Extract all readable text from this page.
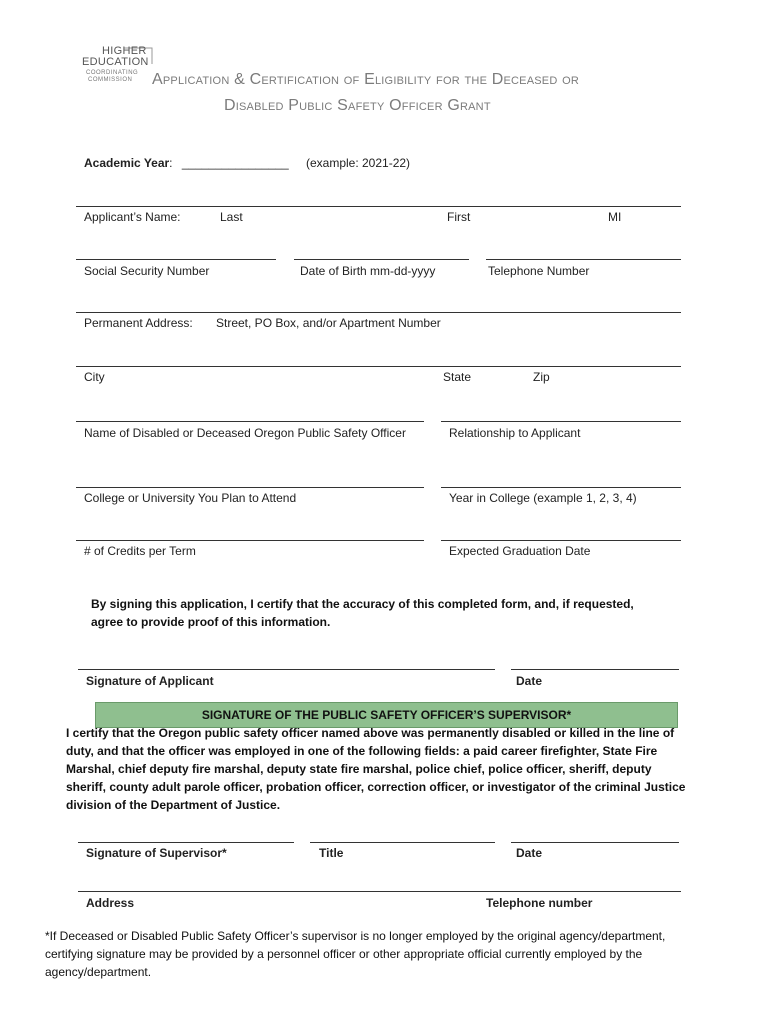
HIGHER
EDUCATION
COORDINATING
COMMISSION Application & Certification of Eligibility for the Deceased or
Disabled Public Safety Officer Grant
Academic Year: ________________ (example: 2021-22)
Applicant’s Name:	Last	First	MI
Social Security Number	Date of Birth mm-dd-yyyy	Telephone Number
Permanent Address: Street, PO Box, and/or Apartment Number
City	State	Zip
Name of Disabled or Deceased Oregon Public Safety Officer	Relationship to Applicant
College or University You Plan to Attend	Year in College (example 1, 2, 3, 4)
# of Credits per Term	Expected Graduation Date
By signing this application, I certify that the accuracy of this completed form, and, if requested,
agree to provide proof of this information.
Signature of Applicant	Date
SIGNATURE OF THE PUBLIC SAFETY OFFICER’S SUPERVISOR*
I certify that the Oregon public safety officer named above was permanently disabled or killed in the line of
duty, and that the officer was employed in one of the following fields: a paid career firefighter, State Fire
Marshal, chief deputy fire marshal, deputy state fire marshal, police chief, police officer, sheriff, deputy
sheriff, county adult parole officer, probation officer, correction officer, or investigator of the criminal Justice
division of the Department of Justice.
Signature of Supervisor*	Title	Date
Address	Telephone number
*If Deceased or Disabled Public Safety Officer’s supervisor is no longer employed by the original agency/department,
certifying signature may be provided by a personnel officer or other appropriate official currently employed by the
agency/department.
